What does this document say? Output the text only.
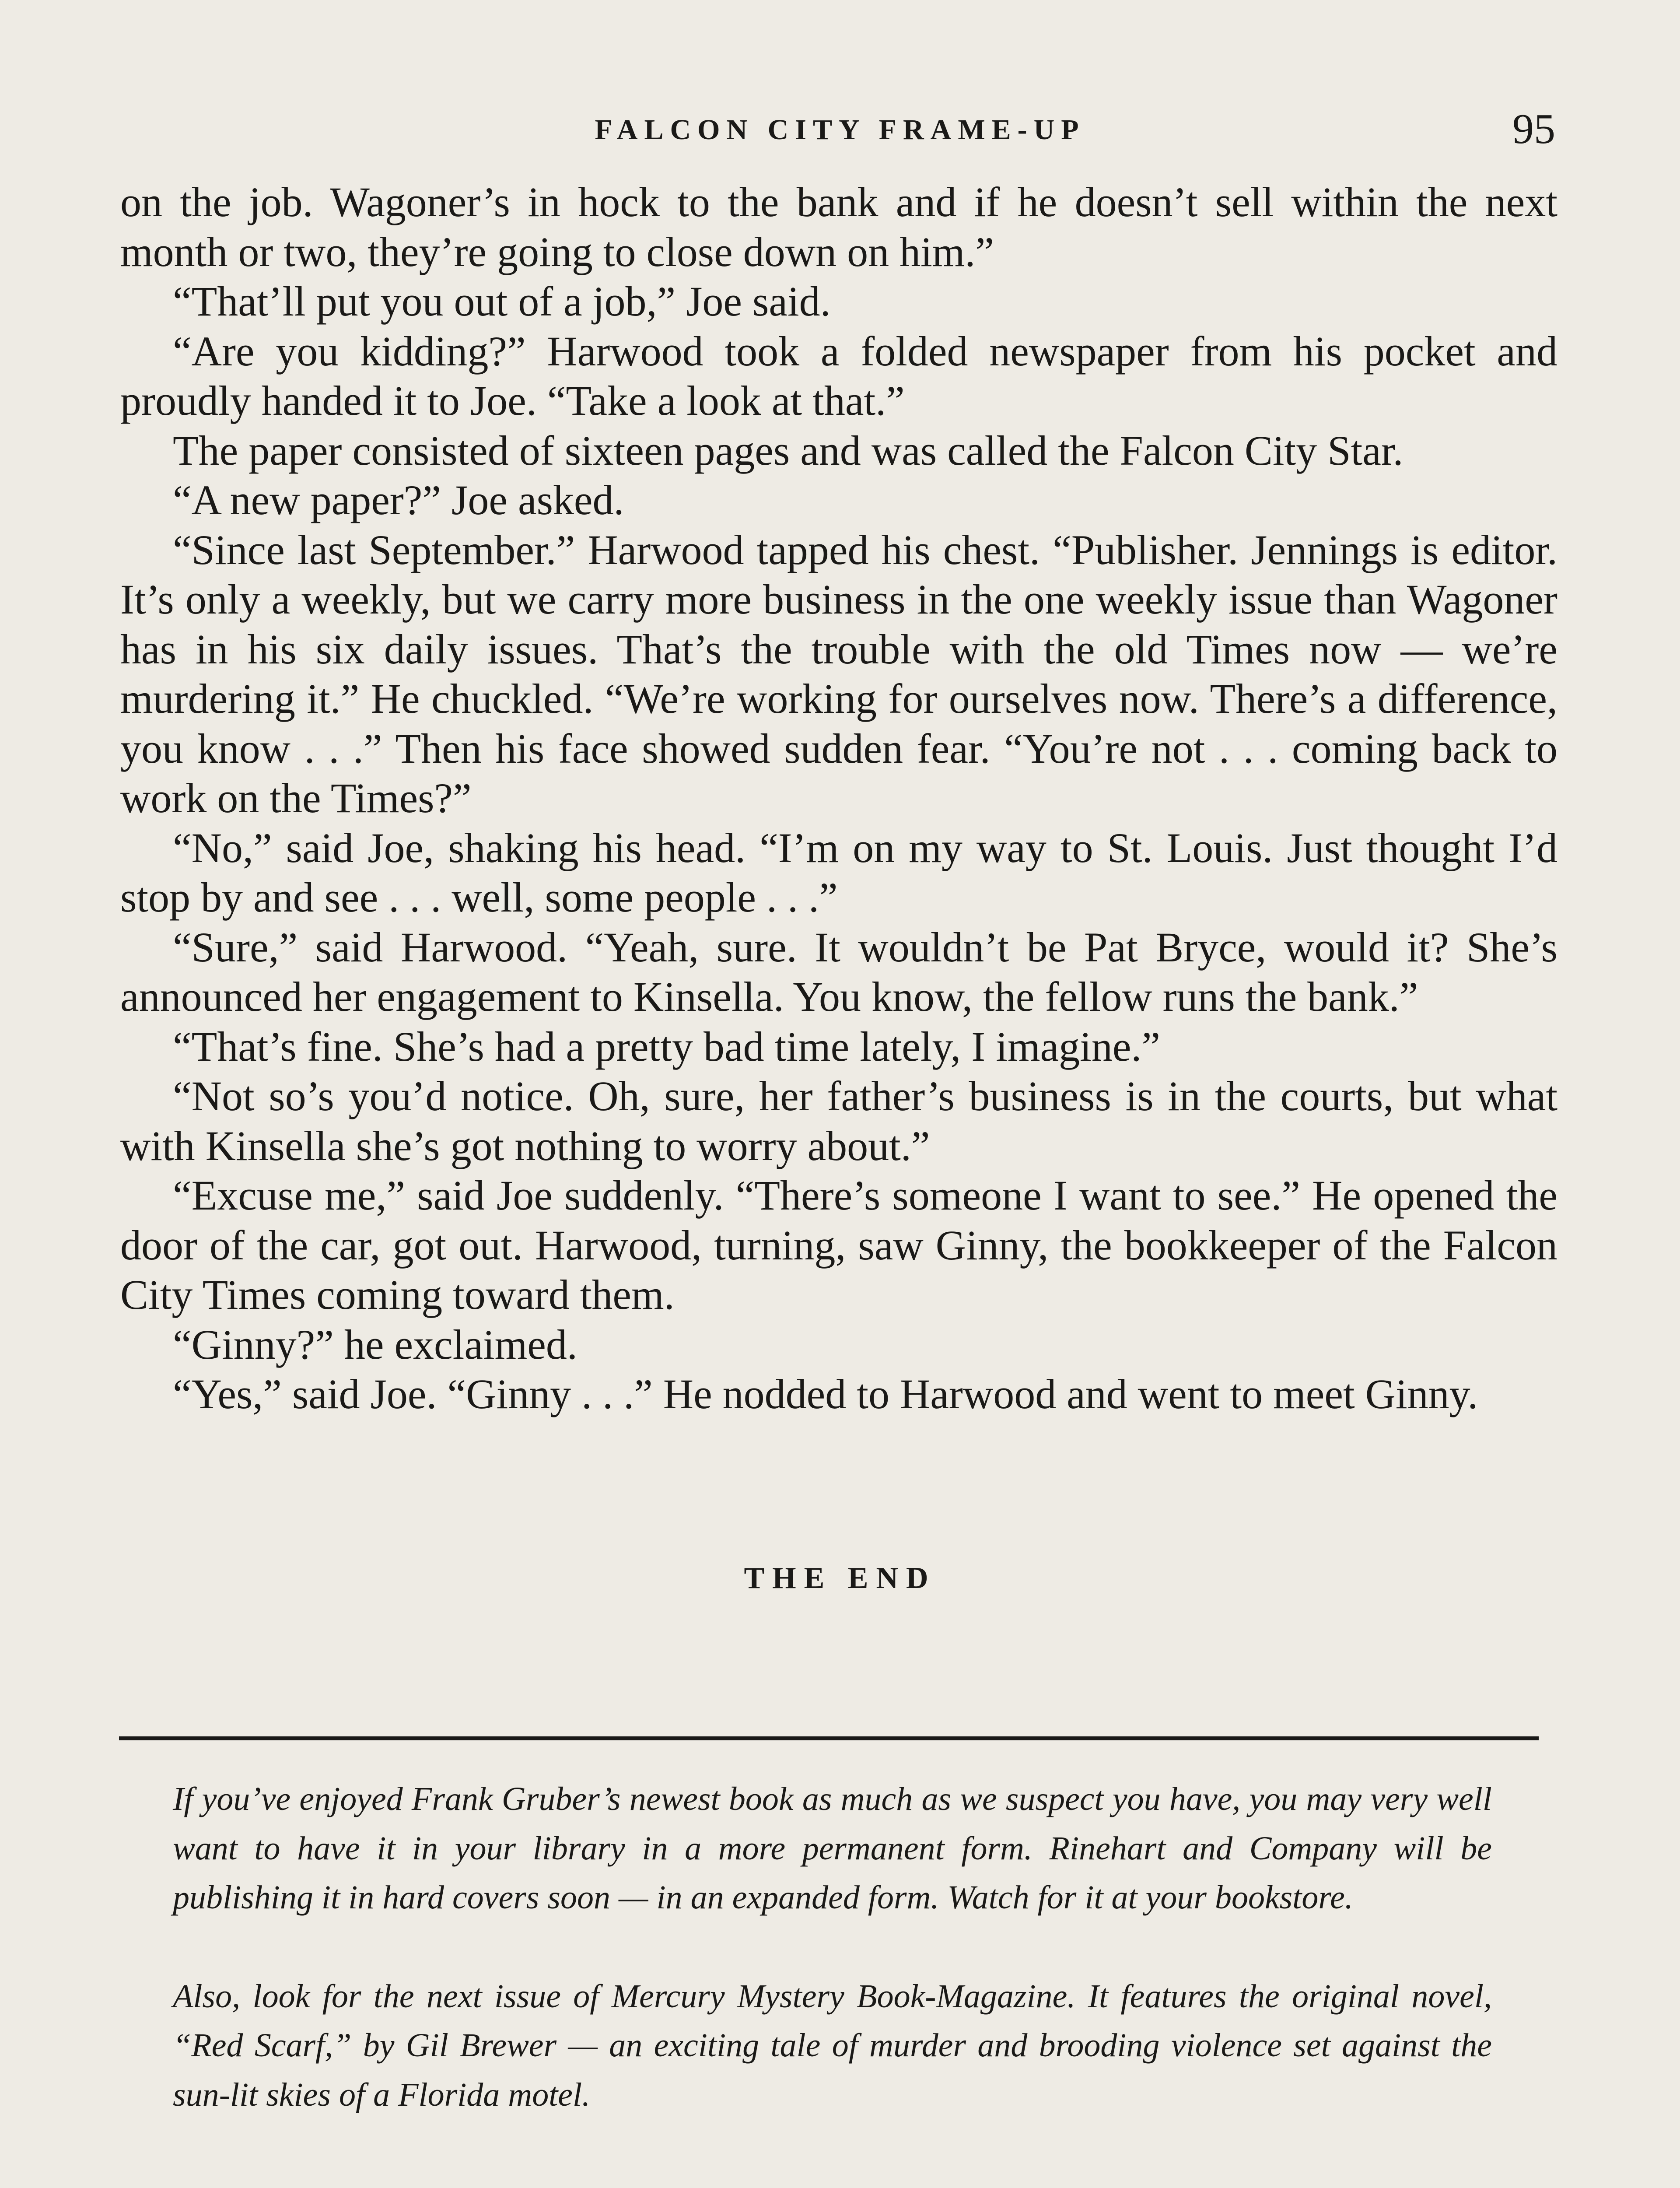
FALCON CITY FRAME-UP	95

on the job. Wagoner’s in hock to the bank and if he doesn’t sell within the next month or two, they’re going to close down on him.”

“That’ll put you out of a job,” Joe said.

“Are you kidding?” Harwood took a folded newspaper from his pocket and proudly handed it to Joe. “Take a look at that.”

The paper consisted of sixteen pages and was called the Falcon City Star.

“A new paper?” Joe asked.

“Since last September.” Harwood tapped his chest. “Publisher. Jennings is editor. It’s only a weekly, but we carry more business in the one weekly issue than Wagoner has in his six daily issues. That’s the trouble with the old Times now — we’re murdering it.” He chuckled. “We’re working for ourselves now. There’s a difference, you know . . .” Then his face showed sudden fear. “You’re not . . . coming back to work on the Times?”

“No,” said Joe, shaking his head. “I’m on my way to St. Louis. Just thought I’d stop by and see . . . well, some people . . .”

“Sure,” said Harwood. “Yeah, sure. It wouldn’t be Pat Bryce, would it? She’s announced her engagement to Kinsella. You know, the fellow runs the bank.”

“That’s fine. She’s had a pretty bad time lately, I imagine.”

“Not so’s you’d notice. Oh, sure, her father’s business is in the courts, but what with Kinsella she’s got nothing to worry about.”

“Excuse me,” said Joe suddenly. “There’s someone I want to see.” He opened the door of the car, got out. Harwood, turning, saw Ginny, the bookkeeper of the Falcon City Times coming toward them.

“Ginny?” he exclaimed.

“Yes,” said Joe. “Ginny . . .” He nodded to Harwood and went to meet Ginny.

THE END

If you’ve enjoyed Frank Gruber’s newest book as much as we suspect you have, you may very well want to have it in your library in a more permanent form. Rinehart and Company will be publishing it in hard covers soon — in an expanded form. Watch for it at your bookstore.

Also, look for the next issue of Mercury Mystery Book-Magazine. It features the original novel, “Red Scarf,” by Gil Brewer — an exciting tale of murder and brooding violence set against the sun-lit skies of a Florida motel.
